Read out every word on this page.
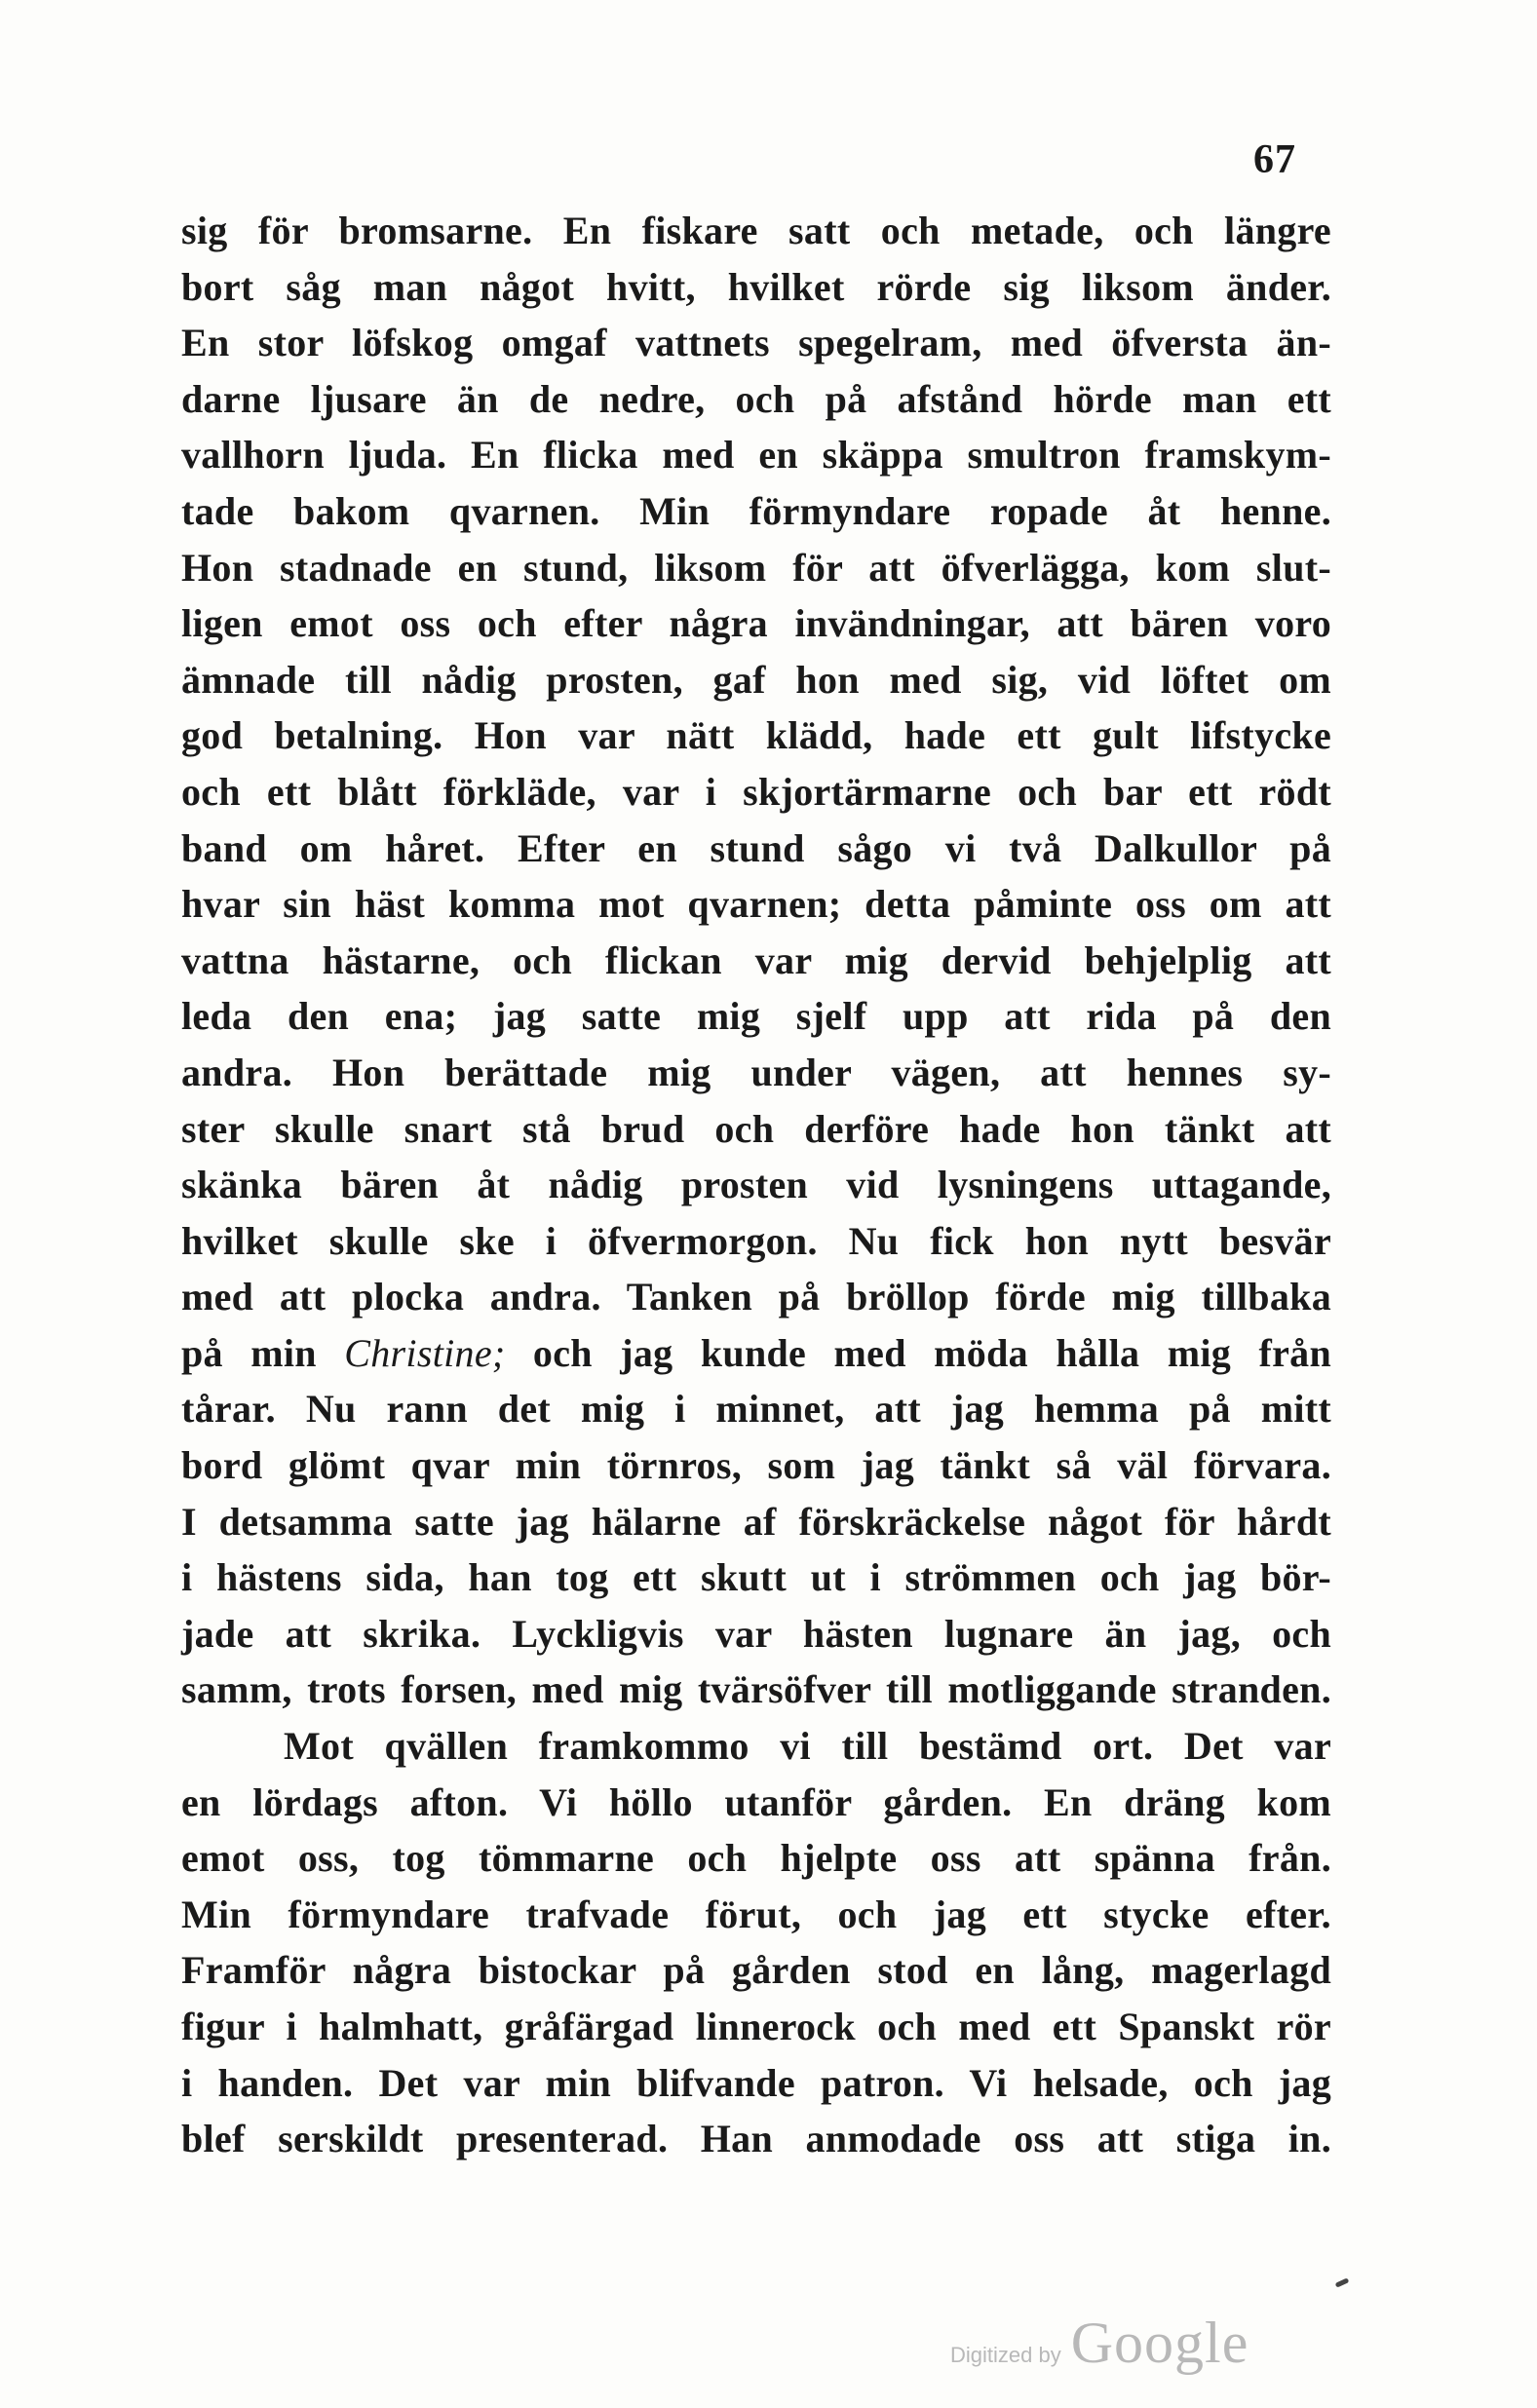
67
sig för bromsarne. En fiskare satt och metade, och längre
bort såg man något hvitt, hvilket rörde sig liksom änder.
En stor löfskog omgaf vattnets spegelram, med öfversta än-
darne ljusare än de nedre, och på afstånd hörde man ett
vallhorn ljuda. En flicka med en skäppa smultron framskym-
tade bakom qvarnen. Min förmyndare ropade åt henne.
Hon stadnade en stund, liksom för att öfverlägga, kom slut-
ligen emot oss och efter några invändningar, att bären voro
ämnade till nådig prosten, gaf hon med sig, vid löftet om
god betalning. Hon var nätt klädd, hade ett gult lifstycke
och ett blått förkläde, var i skjortärmarne och bar ett rödt
band om håret. Efter en stund sågo vi två Dalkullor på
hvar sin häst komma mot qvarnen; detta påminte oss om att
vattna hästarne, och flickan var mig dervid behjelplig att
leda den ena; jag satte mig sjelf upp att rida på den
andra. Hon berättade mig under vägen, att hennes sy-
ster skulle snart stå brud och derföre hade hon tänkt att
skänka bären åt nådig prosten vid lysningens uttagande,
hvilket skulle ske i öfvermorgon. Nu fick hon nytt besvär
med att plocka andra. Tanken på bröllop förde mig tillbaka
på min Christine; och jag kunde med möda hålla mig från
tårar. Nu rann det mig i minnet, att jag hemma på mitt
bord glömt qvar min törnros, som jag tänkt så väl förvara.
I detsamma satte jag hälarne af förskräckelse något för hårdt
i hästens sida, han tog ett skutt ut i strömmen och jag bör-
jade att skrika. Lyckligvis var hästen lugnare än jag, och
samm, trots forsen, med mig tvärsöfver till motliggande stranden.
Mot qvällen framkommo vi till bestämd ort. Det var
en lördags afton. Vi höllo utanför gården. En dräng kom
emot oss, tog tömmarne och hjelpte oss att spänna från.
Min förmyndare trafvade förut, och jag ett stycke efter.
Framför några bistockar på gården stod en lång, magerlagd
figur i halmhatt, gråfärgad linnerock och med ett Spanskt rör
i handen. Det var min blifvande patron. Vi helsade, och jag
blef serskildt presenterad. Han anmodade oss att stiga in.
Digitized by Google
